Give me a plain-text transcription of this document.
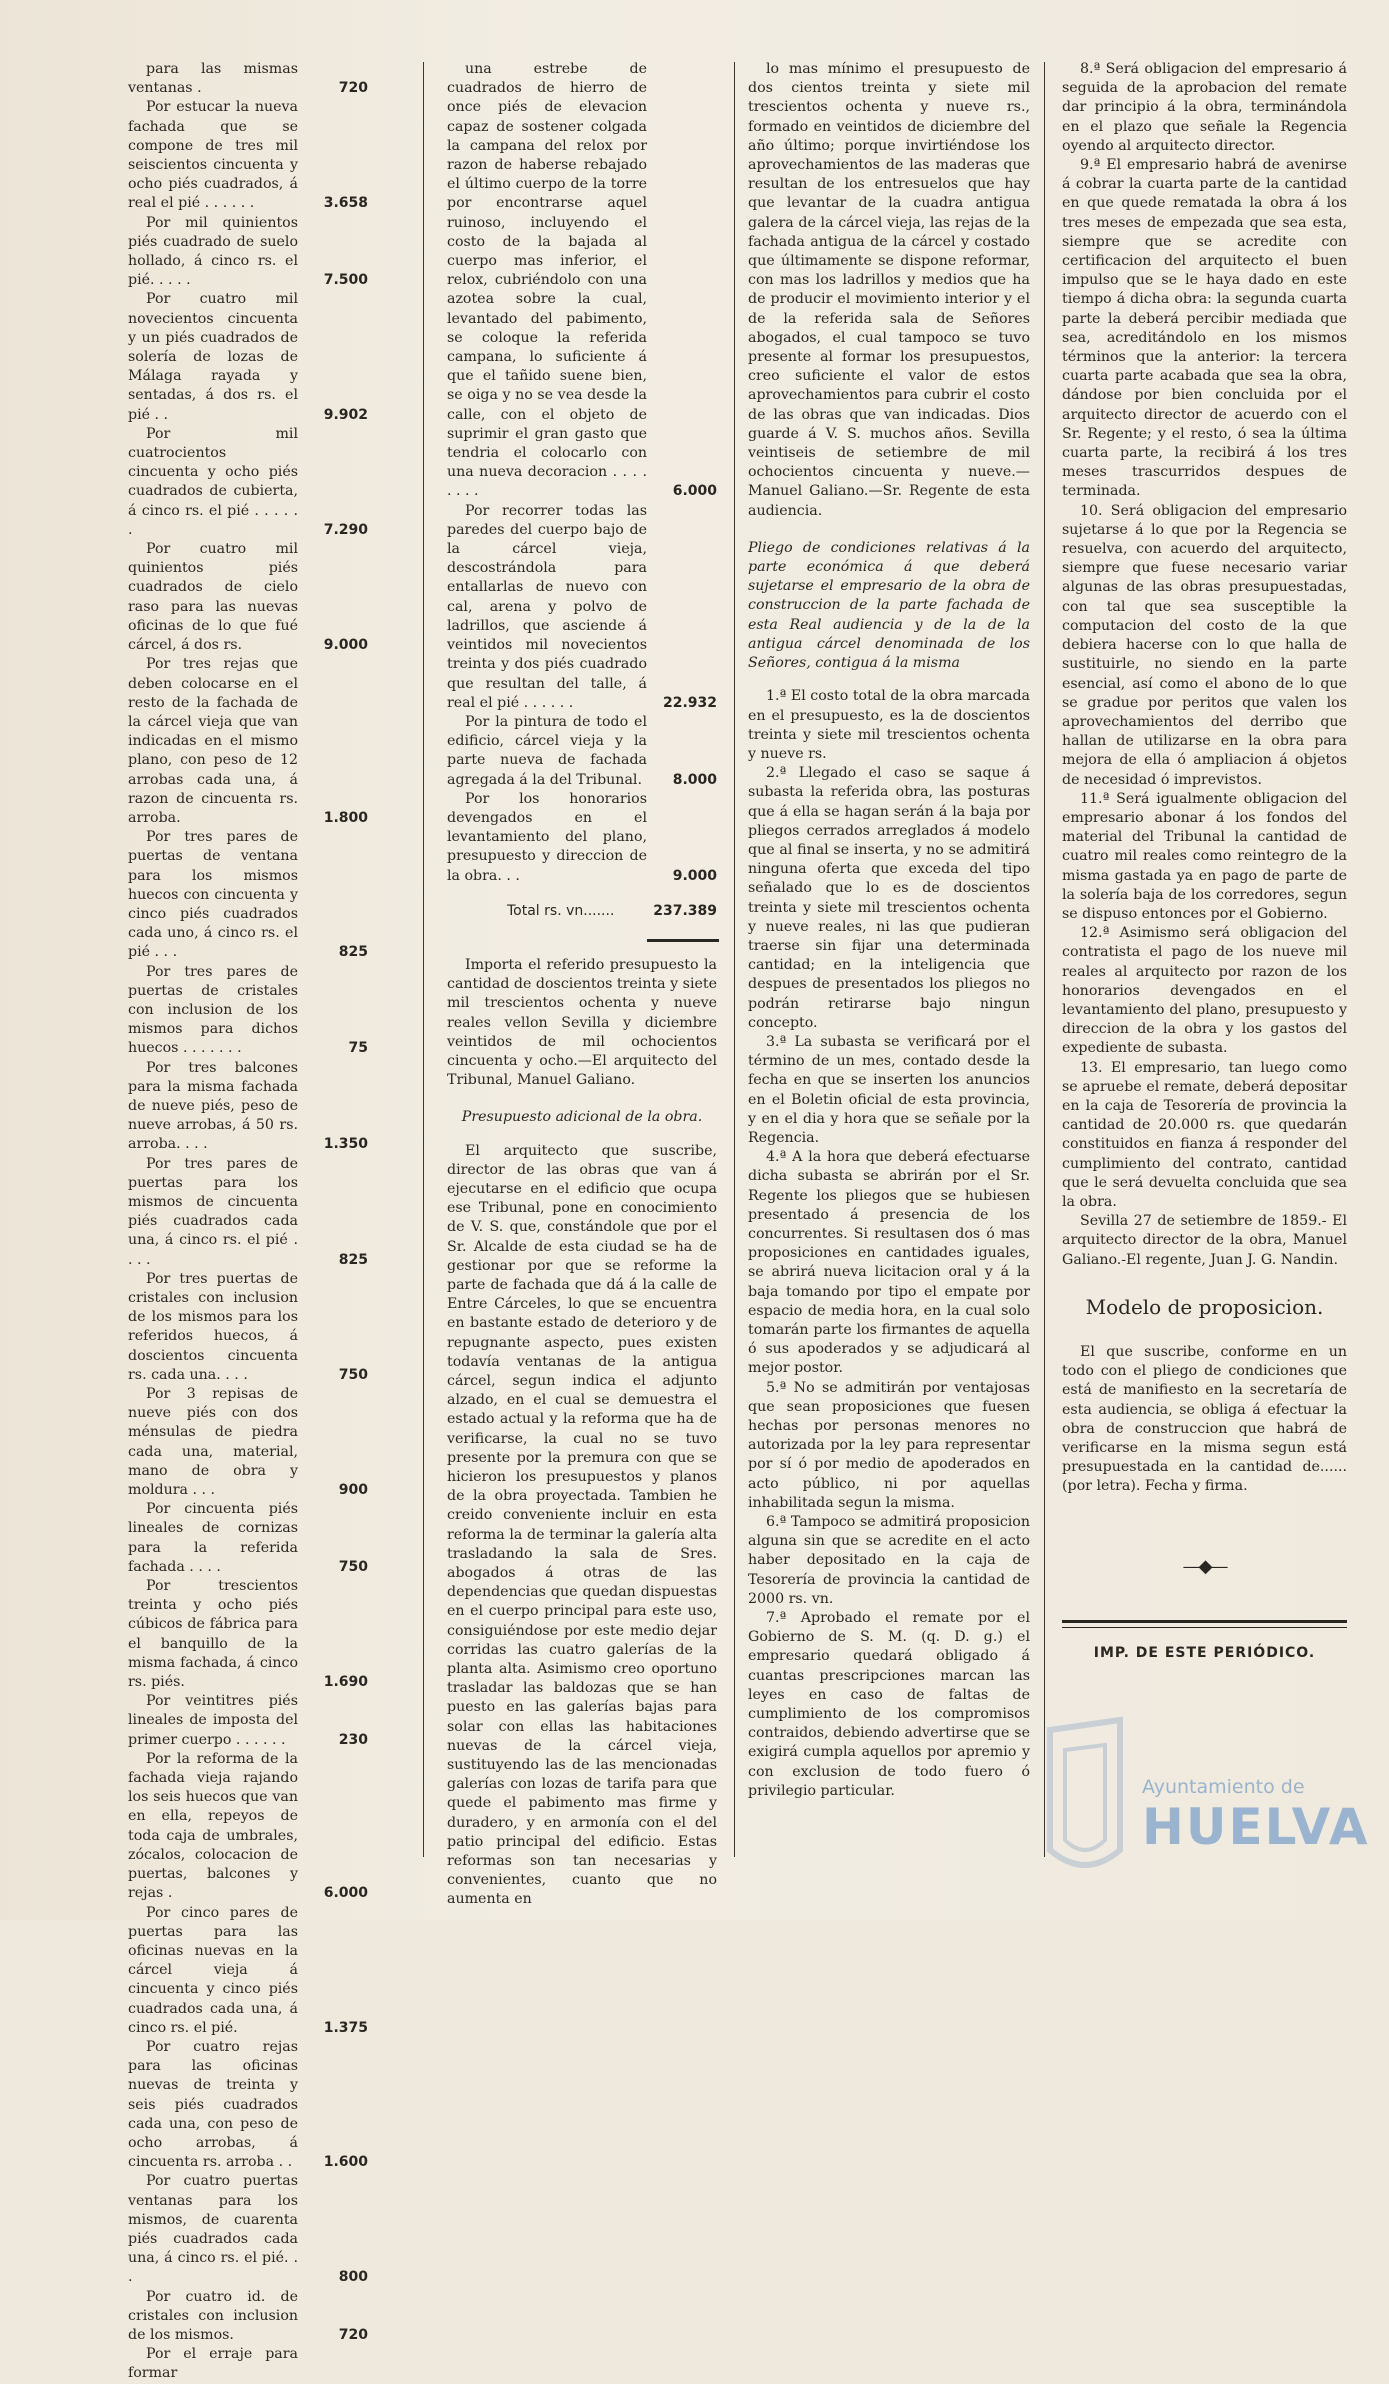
para las mismas ventanas .	720
Por estucar la nueva fachada que se compone de tres mil seiscientos cincuenta y ocho piés cuadrados, á real el pié . . . . . .	3.658
Por mil quinientos piés cuadrado de suelo hollado, á cinco rs. el pié. . . . .	7.500
Por cuatro mil novecientos cincuenta y un piés cuadrados de solería de lozas de Málaga rayada y sentadas, á dos rs. el pié . .	9.902
Por mil cuatrocientos cincuenta y ocho piés cuadrados de cubierta, á cinco rs. el pié . . . . . .	7.290
Por cuatro mil quinientos piés cuadrados de cielo raso para las nuevas oficinas de lo que fué cárcel, á dos rs.	9.000
Por tres rejas que deben colocarse en el resto de la fachada de la cárcel vieja que van indicadas en el mismo plano, con peso de 12 arrobas cada una, á razon de cincuenta rs. arroba.	1.800
Por tres pares de puertas de ventana para los mismos huecos con cincuenta y cinco piés cuadrados cada uno, á cinco rs. el pié . . .	825
Por tres pares de puertas de cristales con inclusion de los mismos para dichos huecos . . . . . . .	75
Por tres balcones para la misma fachada de nueve piés, peso de nueve arrobas, á 50 rs. arroba. . . .	1.350
Por tres pares de puertas para los mismos de cincuenta piés cuadrados cada una, á cinco rs. el pié . . . .	825
Por tres puertas de cristales con inclusion de los mismos para los referidos huecos, á doscientos cincuenta rs. cada una. . . .	750
Por 3 repisas de nueve piés con dos ménsulas de piedra cada una, material, mano de obra y moldura . . .	900
Por cincuenta piés lineales de cornizas para la referida fachada . . . .	750
Por trescientos treinta y ocho piés cúbicos de fábrica para el banquillo de la misma fachada, á cinco rs. piés.	1.690
Por veintitres piés lineales de imposta del primer cuerpo . . . . . .	230
Por la reforma de la fachada vieja rajando los seis huecos que van en ella, repeyos de toda caja de umbrales, zócalos, colocacion de puertas, balcones y rejas .	6.000
Por cinco pares de puertas para las oficinas nuevas en la cárcel vieja á cincuenta y cinco piés cuadrados cada una, á cinco rs. el pié.	1.375
Por cuatro rejas para las oficinas nuevas de treinta y seis piés cuadrados cada una, con peso de ocho arrobas, á cincuenta rs. arroba . .	1.600
Por cuatro puertas ventanas para los mismos, de cuarenta piés cuadrados cada una, á cinco rs. el pié. . .	800
Por cuatro id. de cristales con inclusion de los mismos.	720
Por el erraje para formar
una estrebe de cuadrados de hierro de once piés de elevacion capaz de sostener colgada la campana del relox por razon de haberse rebajado el último cuerpo de la torre por encontrarse aquel ruinoso, incluyendo el costo de la bajada al cuerpo mas inferior, el relox, cubriéndolo con una azotea sobre la cual, levantado del pabimento, se coloque la referida campana, lo suficiente á que el tañido suene bien, se oiga y no se vea desde la calle, con el objeto de suprimir el gran gasto que tendria el colocarlo con una nueva decoracion . . . . . . . .	6.000
Por recorrer todas las paredes del cuerpo bajo de la cárcel vieja, descostrándola para entallarlas de nuevo con cal, arena y polvo de ladrillos, que asciende á veintidos mil novecientos treinta y dos piés cuadrado que resultan del talle, á real el pié . . . . . .	22.932
Por la pintura de todo el edificio, cárcel vieja y la parte nueva de fachada agregada á la del Tribunal.	8.000
Por los honorarios devengados en el levantamiento del plano, presupuesto y direccion de la obra. . .	9.000
Total rs. vn.......	237.389

Importa el referido presupuesto la cantidad de doscientos treinta y siete mil trescientos ochenta y nueve reales vellon Sevilla y diciembre veintidos de mil ochocientos cincuenta y ocho.—El arquitecto del Tribunal, Manuel Galiano.

Presupuesto adicional de la obra.

El arquitecto que suscribe, director de las obras que van á ejecutarse en el edificio que ocupa ese Tribunal, pone en conocimiento de V. S. que, constándole que por el Sr. Alcalde de esta ciudad se ha de gestionar por que se reforme la parte de fachada que dá á la calle de Entre Cárceles, lo que se encuentra en bastante estado de deterioro y de repugnante aspecto, pues existen todavía ventanas de la antigua cárcel, segun indica el adjunto alzado, en el cual se demuestra el estado actual y la reforma que ha de verificarse, la cual no se tuvo presente por la premura con que se hicieron los presupuestos y planos de la obra proyectada. Tambien he creido conveniente incluir en esta reforma la de terminar la galería alta trasladando la sala de Sres. abogados á otras de las dependencias que quedan dispuestas en el cuerpo principal para este uso, consiguiéndose por este medio dejar corridas las cuatro galerías de la planta alta. Asimismo creo oportuno trasladar las baldozas que se han puesto en las galerías bajas para solar con ellas las habitaciones nuevas de la cárcel vieja, sustituyendo las de las mencionadas galerías con lozas de tarifa para que quede el pabimento mas firme y duradero, y en armonía con el del patio principal del edificio. Estas reformas son tan necesarias y convenientes, cuanto que no aumenta en

lo mas mínimo el presupuesto de dos cientos treinta y siete mil trescientos ochenta y nueve rs., formado en veintidos de diciembre del año último; porque invirtiéndose los aprovechamientos de las maderas que resultan de los entresuelos que hay que levantar de la cuadra antigua galera de la cárcel vieja, las rejas de la fachada antigua de la cárcel y costado que últimamente se dispone reformar, con mas los ladrillos y medios que ha de producir el movimiento interior y el de la referida sala de Señores abogados, el cual tampoco se tuvo presente al formar los presupuestos, creo suficiente el valor de estos aprovechamientos para cubrir el costo de las obras que van indicadas. Dios guarde á V. S. muchos años. Sevilla veintiseis de setiembre de mil ochocientos cincuenta y nueve.—Manuel Galiano.—Sr. Regente de esta audiencia.

Pliego de condiciones relativas á la parte económica á que deberá sujetarse el empresario de la obra de construccion de la parte fachada de esta Real audiencia y de la de la antigua cárcel denominada de los Señores, contigua á la misma

1.ª El costo total de la obra marcada en el presupuesto, es la de doscientos treinta y siete mil trescientos ochenta y nueve rs.

2.ª Llegado el caso se saque á subasta la referida obra, las posturas que á ella se hagan serán á la baja por pliegos cerrados arreglados á modelo que al final se inserta, y no se admitirá ninguna oferta que exceda del tipo señalado que lo es de doscientos treinta y siete mil trescientos ochenta y nueve reales, ni las que pudieran traerse sin fijar una determinada cantidad; en la inteligencia que despues de presentados los pliegos no podrán retirarse bajo ningun concepto.

3.ª La subasta se verificará por el término de un mes, contado desde la fecha en que se inserten los anuncios en el Boletin oficial de esta provincia, y en el dia y hora que se señale por la Regencia.

4.ª A la hora que deberá efectuarse dicha subasta se abrirán por el Sr. Regente los pliegos que se hubiesen presentado á presencia de los concurrentes. Si resultasen dos ó mas proposiciones en cantidades iguales, se abrirá nueva licitacion oral y á la baja tomando por tipo el empate por espacio de media hora, en la cual solo tomarán parte los firmantes de aquella ó sus apoderados y se adjudicará al mejor postor.

5.ª No se admitirán por ventajosas que sean proposiciones que fuesen hechas por personas menores no autorizada por la ley para representar por sí ó por medio de apoderados en acto público, ni por aquellas inhabilitada segun la misma.

6.ª Tampoco se admitirá proposicion alguna sin que se acredite en el acto haber depositado en la caja de Tesorería de provincia la cantidad de 2000 rs. vn.

7.ª Aprobado el remate por el Gobierno de S. M. (q. D. g.) el empresario quedará obligado á cuantas prescripciones marcan las leyes en caso de faltas de cumplimiento de los compromisos contraidos, debiendo advertirse que se exigirá cumpla aquellos por apremio y con exclusion de todo fuero ó privilegio particular.

8.ª Será obligacion del empresario á seguida de la aprobacion del remate dar principio á la obra, terminándola en el plazo que señale la Regencia oyendo al arquitecto director.

9.ª El empresario habrá de avenirse á cobrar la cuarta parte de la cantidad en que quede rematada la obra á los tres meses de empezada que sea esta, siempre que se acredite con certificacion del arquitecto el buen impulso que se le haya dado en este tiempo á dicha obra: la segunda cuarta parte la deberá percibir mediada que sea, acreditándolo en los mismos términos que la anterior: la tercera cuarta parte acabada que sea la obra, dándose por bien concluida por el arquitecto director de acuerdo con el Sr. Regente; y el resto, ó sea la última cuarta parte, la recibirá á los tres meses trascurridos despues de terminada.

10. Será obligacion del empresario sujetarse á lo que por la Regencia se resuelva, con acuerdo del arquitecto, siempre que fuese necesario variar algunas de las obras presupuestadas, con tal que sea susceptible la computacion del costo de la que debiera hacerse con lo que halla de sustituirle, no siendo en la parte esencial, así como el abono de lo que se gradue por peritos que valen los aprovechamientos del derribo que hallan de utilizarse en la obra para mejora de ella ó ampliacion á objetos de necesidad ó imprevistos.

11.ª Será igualmente obligacion del empresario abonar á los fondos del material del Tribunal la cantidad de cuatro mil reales como reintegro de la misma gastada ya en pago de parte de la solería baja de los corredores, segun se dispuso entonces por el Gobierno.

12.ª Asimismo será obligacion del contratista el pago de los nueve mil reales al arquitecto por razon de los honorarios devengados en el levantamiento del plano, presupuesto y direccion de la obra y los gastos del expediente de subasta.

13. El empresario, tan luego como se apruebe el remate, deberá depositar en la caja de Tesorería de provincia la cantidad de 20.000 rs. que quedarán constituidos en fianza á responder del cumplimiento del contrato, cantidad que le será devuelta concluida que sea la obra.

Sevilla 27 de setiembre de 1859.- El arquitecto director de la obra, Manuel Galiano.-El regente, Juan J. G. Nandin.

Modelo de proposicion.

El que suscribe, conforme en un todo con el pliego de condiciones que está de manifiesto en la secretaría de esta audiencia, se obliga á efectuar la obra de construccion que habrá de verificarse en la misma segun está presupuestada en la cantidad de...... (por letra). Fecha y firma.

—◆—
IMP. DE ESTE PERIÓDICO.
Ayuntamiento de
HUELVA
